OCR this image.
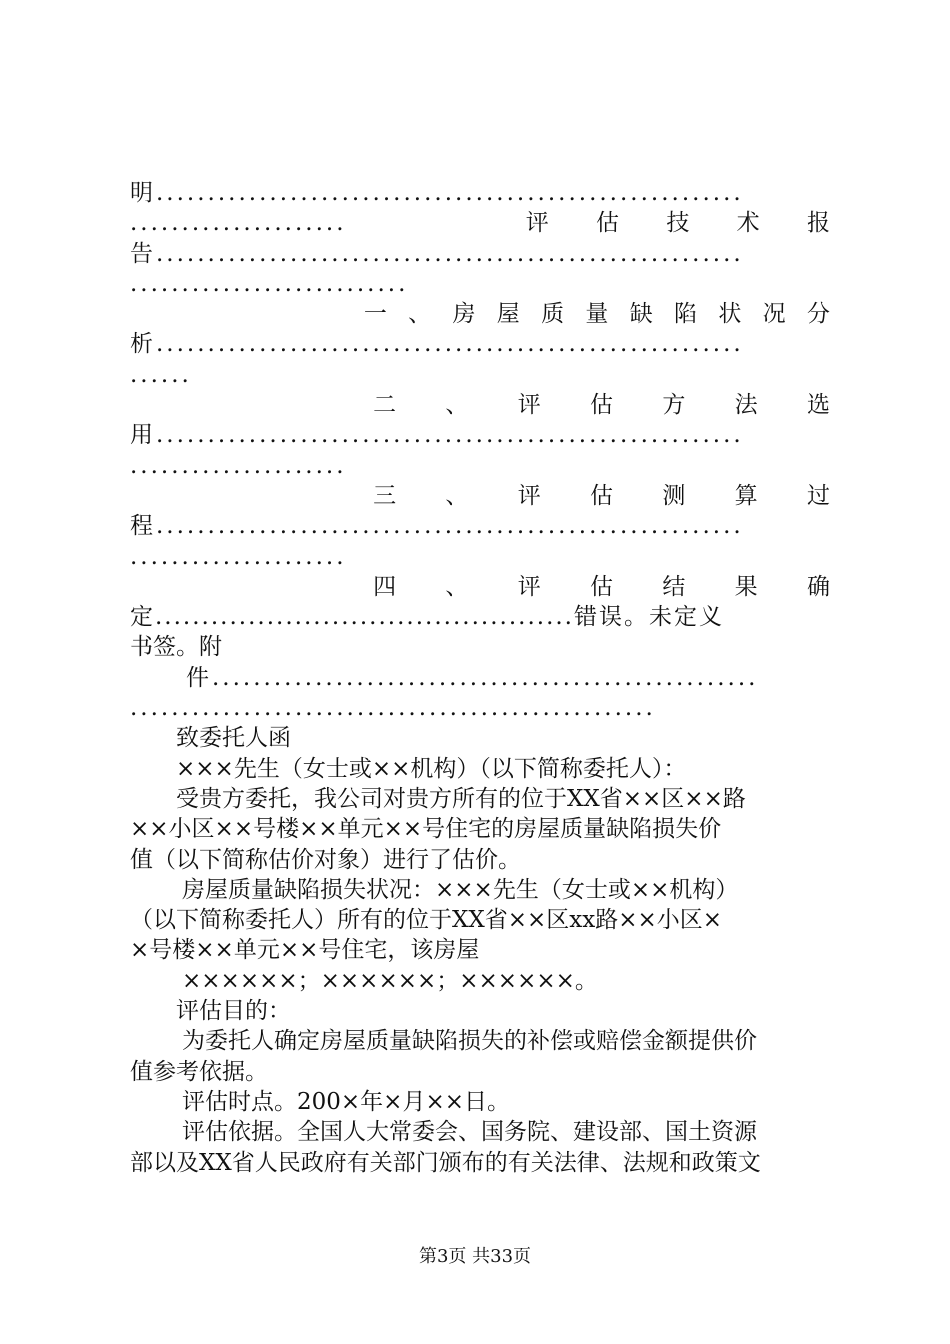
明.........................................................
.....................	评 估 技 术 报
告.........................................................
...........................
一 、 房 屋 质 量 缺 陷 状 况 分
析.........................................................
......
二 、 评 估 方 法 选
用.........................................................
.....................
三 、 评 估 测 算 过
程.........................................................
.....................
四 、 评 估 结 果 确
定.............................................错误。未定义
书签。附
件.....................................................
...................................................
致委托人函
×××先生（女士或××机构）（以下简称委托人）：
受贵方委托，我公司对贵方所有的位于XX省××区××路
××小区××号楼××单元××号住宅的房屋质量缺陷损失价
值（以下简称估价对象）进行了估价。
房屋质量缺陷损失状况：×××先生（女士或××机构）
（以下简称委托人）所有的位于XX省××区xx路××小区×
×号楼××单元××号住宅，该房屋
××××××；××××××；××××××。
评估目的：
为委托人确定房屋质量缺陷损失的补偿或赔偿金额提供价
值参考依据。
评估时点。200×年×月××日。
评估依据。全国人大常委会、国务院、建设部、国土资源
部以及XX省人民政府有关部门颁布的有关法律、法规和政策文
第3页 共33页
